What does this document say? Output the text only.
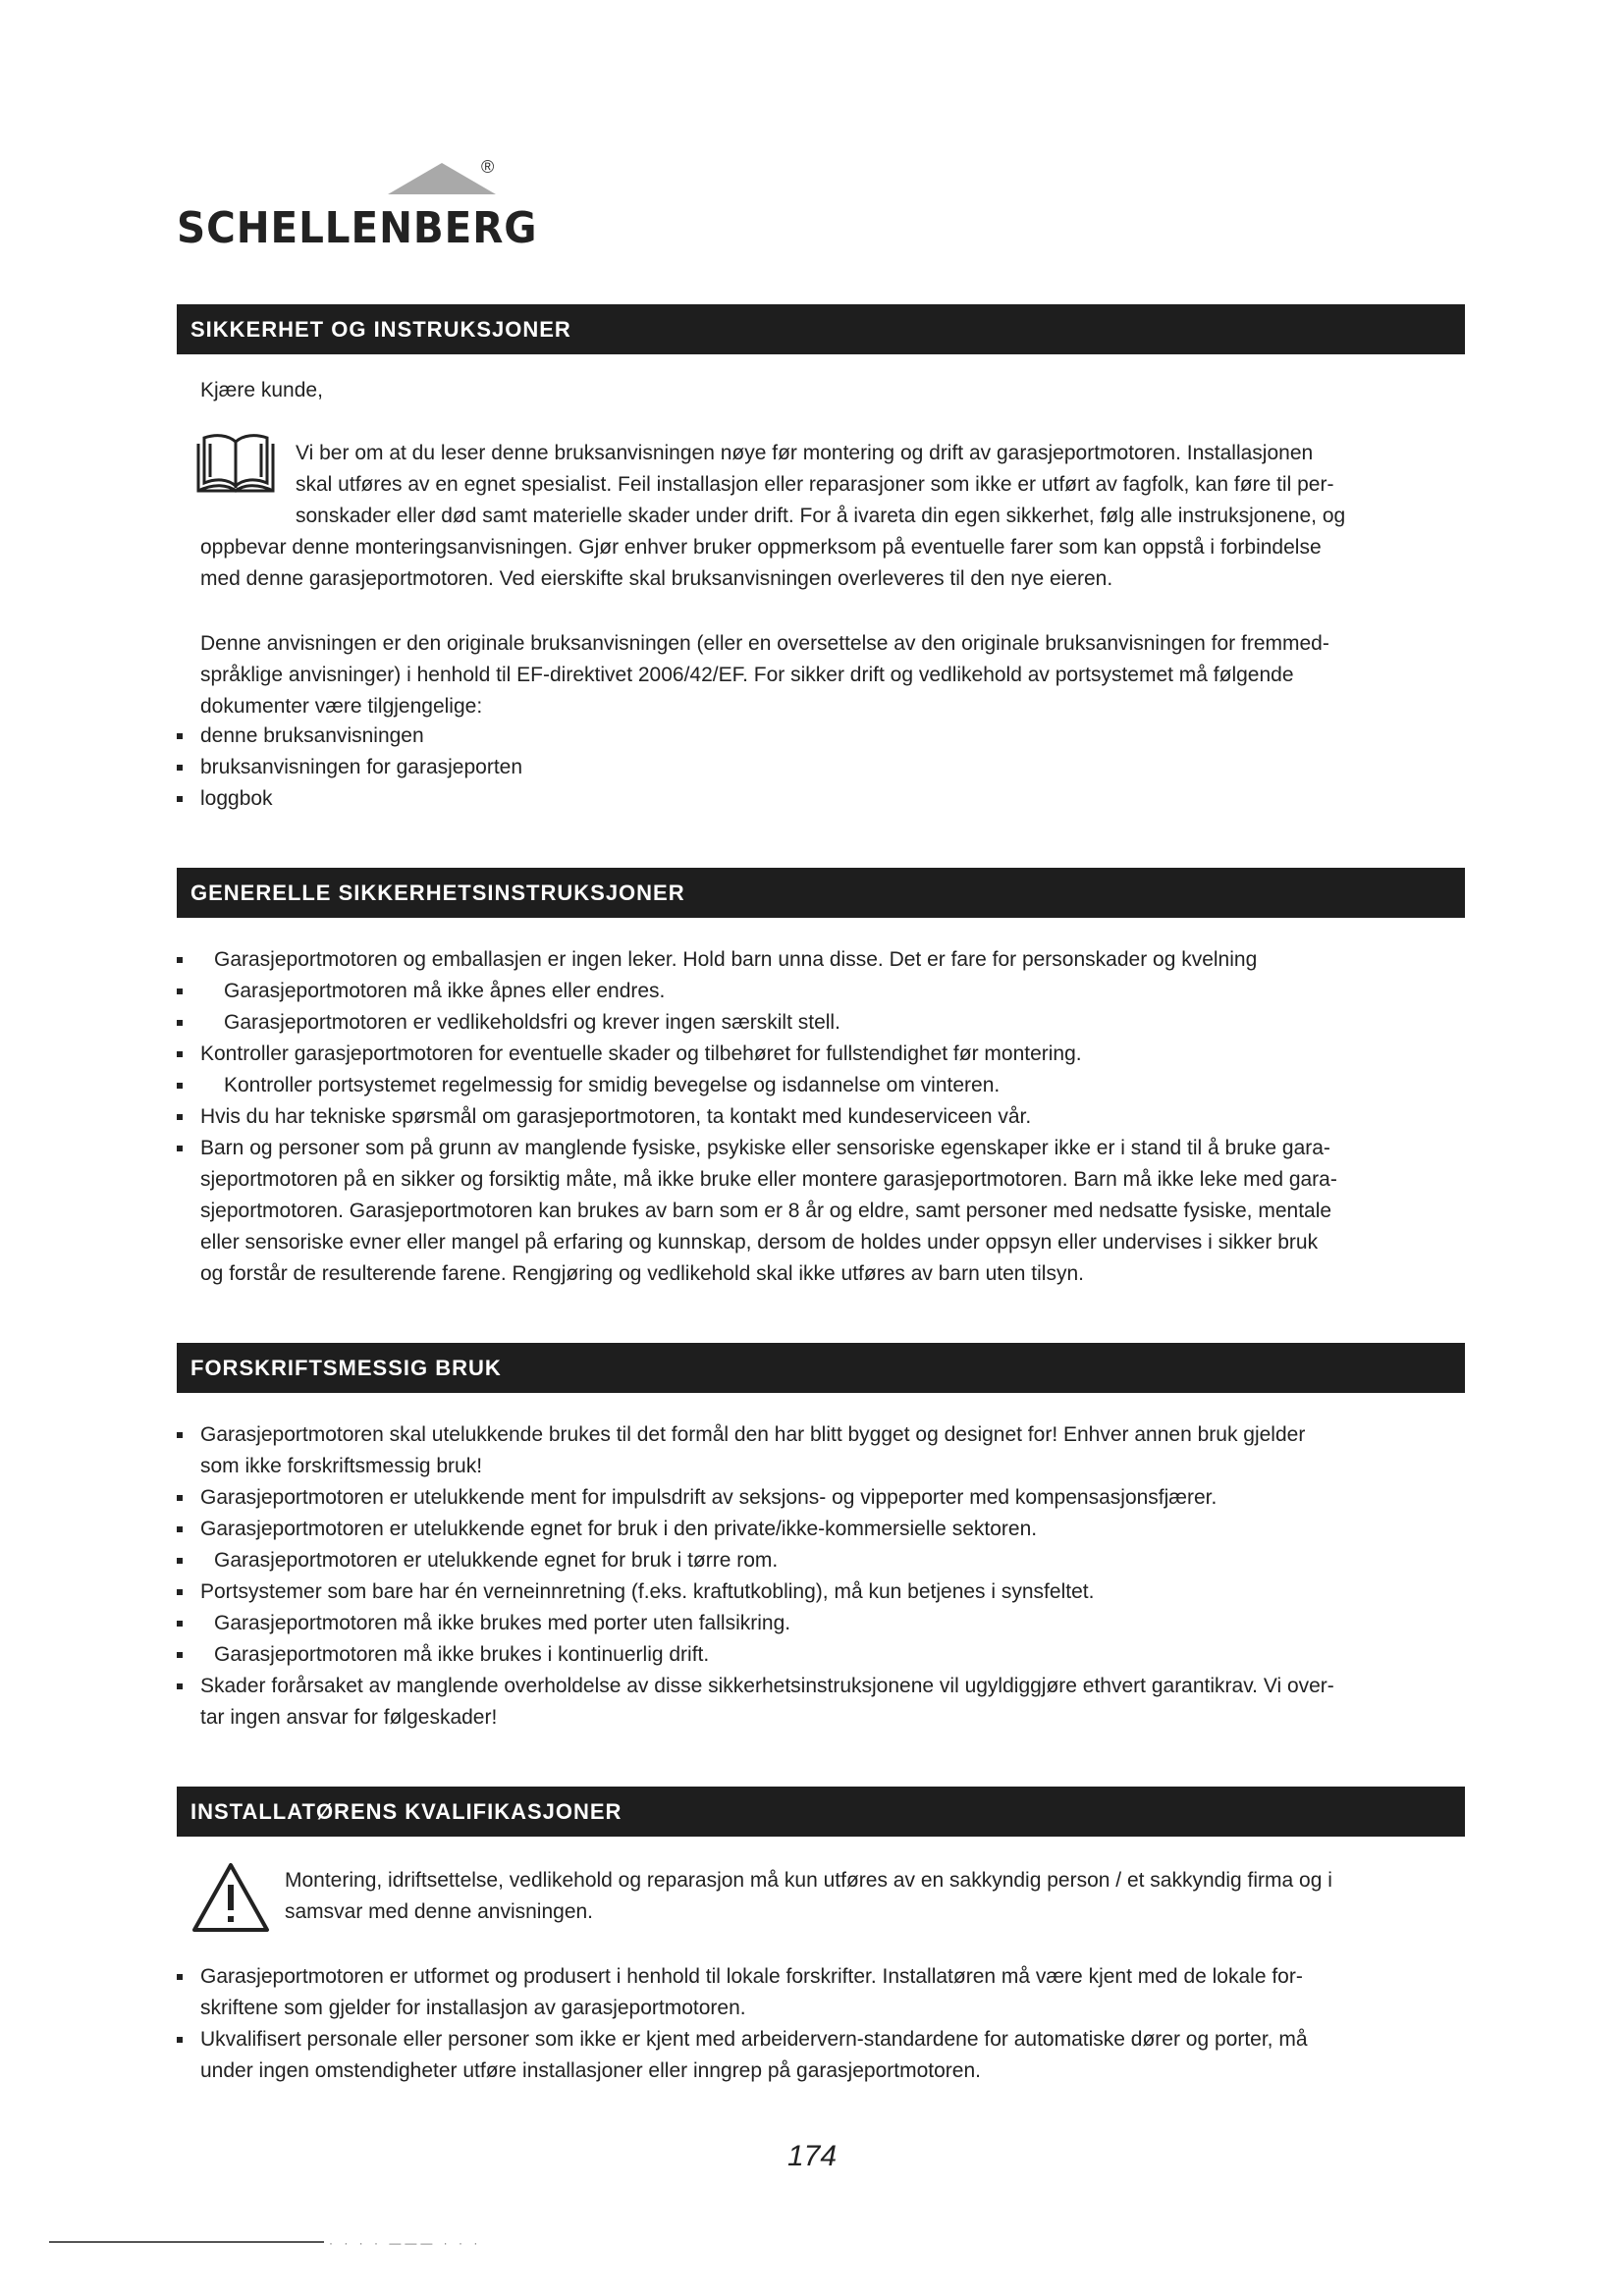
®
SCHELLENBERG
SIKKERHET OG INSTRUKSJONER
Kjære kunde,
Vi ber om at du leser denne bruksanvisningen nøye før montering og drift av garasjeportmotoren. Installasjonen
skal utføres av en egnet spesialist. Feil installasjon eller reparasjoner som ikke er utført av fagfolk, kan føre til per-
sonskader eller død samt materielle skader under drift. For å ivareta din egen sikkerhet, følg alle instruksjonene, og
oppbevar denne monteringsanvisningen. Gjør enhver bruker oppmerksom på eventuelle farer som kan oppstå i forbindelse
med denne garasjeportmotoren. Ved eierskifte skal bruksanvisningen overleveres til den nye eieren.
Denne anvisningen er den originale bruksanvisningen (eller en oversettelse av den originale bruksanvisningen for fremmed-
språklige anvisninger) i henhold til EF-direktivet 2006/42/EF. For sikker drift og vedlikehold av portsystemet må følgende
dokumenter være tilgjengelige:
denne bruksanvisningen
bruksanvisningen for garasjeporten
loggbok
GENERELLE SIKKERHETSINSTRUKSJONER
Garasjeportmotoren og emballasjen er ingen leker. Hold barn unna disse. Det er fare for personskader og kvelning
Garasjeportmotoren må ikke åpnes eller endres.
Garasjeportmotoren er vedlikeholdsfri og krever ingen særskilt stell.
Kontroller garasjeportmotoren for eventuelle skader og tilbehøret for fullstendighet før montering.
Kontroller portsystemet regelmessig for smidig bevegelse og isdannelse om vinteren.
Hvis du har tekniske spørsmål om garasjeportmotoren, ta kontakt med kundeserviceen vår.
Barn og personer som på grunn av manglende fysiske, psykiske eller sensoriske egenskaper ikke er i stand til å bruke gara-
sjeportmotoren på en sikker og forsiktig måte, må ikke bruke eller montere garasjeportmotoren. Barn må ikke leke med gara-
sjeportmotoren. Garasjeportmotoren kan brukes av barn som er 8 år og eldre, samt personer med nedsatte fysiske, mentale
eller sensoriske evner eller mangel på erfaring og kunnskap, dersom de holdes under oppsyn eller undervises i sikker bruk
og forstår de resulterende farene. Rengjøring og vedlikehold skal ikke utføres av barn uten tilsyn.
FORSKRIFTSMESSIG BRUK
Garasjeportmotoren skal utelukkende brukes til det formål den har blitt bygget og designet for! Enhver annen bruk gjelder
som ikke forskriftsmessig bruk!
Garasjeportmotoren er utelukkende ment for impulsdrift av seksjons- og vippeporter med kompensasjonsfjærer.
Garasjeportmotoren er utelukkende egnet for bruk i den private/ikke-kommersielle sektoren.
Garasjeportmotoren er utelukkende egnet for bruk i tørre rom.
Portsystemer som bare har én verneinnretning (f.eks. kraftutkobling), må kun betjenes i synsfeltet.
Garasjeportmotoren må ikke brukes med porter uten fallsikring.
Garasjeportmotoren må ikke brukes i kontinuerlig drift.
Skader forårsaket av manglende overholdelse av disse sikkerhetsinstruksjonene vil ugyldiggjøre ethvert garantikrav. Vi over-
tar ingen ansvar for følgeskader!
INSTALLATØRENS KVALIFIKASJONER
Montering, idriftsettelse, vedlikehold og reparasjon må kun utføres av en sakkyndig person / et sakkyndig firma og i
samsvar med denne anvisningen.
Garasjeportmotoren er utformet og produsert i henhold til lokale forskrifter. Installatøren må være kjent med de lokale for-
skriftene som gjelder for installasjon av garasjeportmotoren.
Ukvalifisert personale eller personer som ikke er kjent med arbeidervern-standardene for automatiske dører og porter, må
under ingen omstendigheter utføre installasjoner eller inngrep på garasjeportmotoren.
174
· · · · ——— · · ·
